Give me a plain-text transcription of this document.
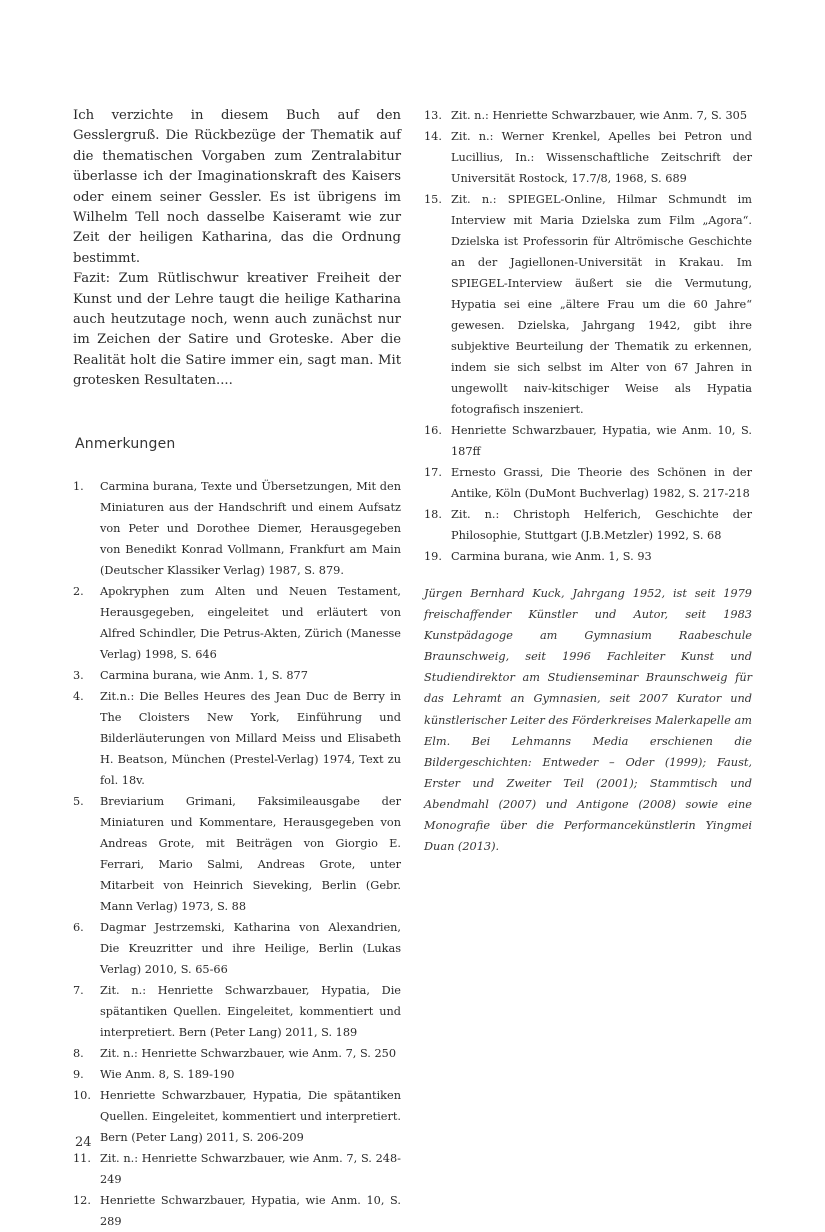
Ich verzichte in diesem Buch auf den Gesslergruß. Die Rückbezüge der Thematik auf die thematischen Vorgaben zum Zentralabitur überlasse ich der Imaginationskraft des Kaisers oder einem seiner Gessler. Es ist übrigens im Wilhelm Tell noch dasselbe Kaiseramt wie zur Zeit der heiligen Katharina, das die Ordnung bestimmt.

Fazit: Zum Rütlischwur kreativer Freiheit der Kunst und der Lehre taugt die heilige Katharina auch heutzutage noch, wenn auch zunächst nur im Zeichen der Satire und Groteske. Aber die Realität holt die Satire immer ein, sagt man. Mit grotesken Resultaten....

Anmerkungen
1.	Carmina burana, Texte und Übersetzungen, Mit den Miniaturen aus der Handschrift und einem Aufsatz von Peter und Dorothee Diemer, Herausgegeben von Benedikt Konrad Vollmann, Frankfurt am Main (Deutscher Klassiker Verlag) 1987, S. 879.
2.	Apokryphen zum Alten und Neuen Testament, Herausgegeben, eingeleitet und erläutert von Alfred Schindler, Die Petrus-Akten, Zürich (Manesse Verlag) 1998, S. 646
3.	Carmina burana, wie Anm. 1, S. 877
4.	Zit.n.: Die Belles Heures des Jean Duc de Berry in The Cloisters New York, Einführung und Bilderläuterungen von Millard Meiss und Elisabeth H. Beatson, München (Prestel-Verlag) 1974, Text zu fol. 18v.
5.	Breviarium Grimani, Faksimileausgabe der Miniaturen und Kommentare, Herausgegeben von Andreas Grote, mit Beiträgen von Giorgio E. Ferrari, Mario Salmi, Andreas Grote, unter Mitarbeit von Heinrich Sieveking, Berlin (Gebr. Mann Verlag) 1973, S. 88
6.	Dagmar Jestrzemski, Katharina von Alexandrien, Die Kreuzritter und ihre Heilige, Berlin (Lukas Verlag) 2010, S. 65-66
7.	Zit. n.: Henriette Schwarzbauer, Hypatia, Die spätantiken Quellen. Eingeleitet, kommentiert und interpretiert. Bern (Peter Lang) 2011, S. 189
8.	Zit. n.: Henriette Schwarzbauer, wie Anm. 7, S. 250
9.	Wie Anm. 8, S. 189-190
10. Henriette Schwarzbauer, Hypatia, Die spätantiken Quellen. Eingeleitet, kommentiert und interpretiert. Bern (Peter Lang) 2011, S. 206-209
11. Zit. n.: Henriette Schwarzbauer, wie Anm. 7, S. 248-249
12. Henriette Schwarzbauer, Hypatia, wie Anm. 10, S. 289
13. Zit. n.: Henriette Schwarzbauer, wie Anm. 7, S. 305
14. Zit. n.: Werner Krenkel, Apelles bei Petron und Lucillius, In.: Wissenschaftliche Zeitschrift der Universität Rostock, 17.7/8, 1968, S. 689
15. Zit. n.: SPIEGEL-Online, Hilmar Schmundt im Interview mit Maria Dzielska zum Film „Agora“. Dzielska ist Professorin für Altrömische Geschichte an der Jagiellonen-Universität in Krakau. Im SPIEGEL-Interview äußert sie die Vermutung, Hypatia sei eine „ältere Frau um die 60 Jahre“ gewesen. Dzielska, Jahrgang 1942, gibt ihre subjektive Beurteilung der Thematik zu erkennen, indem sie sich selbst im Alter von 67 Jahren in ungewollt naiv-kitschiger Weise als Hypatia fotografisch inszeniert.
16. Henriette Schwarzbauer, Hypatia, wie Anm. 10, S. 187ff
17. Ernesto Grassi, Die Theorie des Schönen in der Antike, Köln (DuMont Buchverlag) 1982, S. 217-218
18. Zit. n.: Christoph Helferich, Geschichte der Philosophie, Stuttgart (J.B.Metzler) 1992, S. 68
19. Carmina burana, wie Anm. 1, S. 93
Jürgen Bernhard Kuck, Jahrgang 1952, ist seit 1979 freischaffender Künstler und Autor, seit 1983 Kunstpädagoge am Gymnasium Raabeschule Braunschweig, seit 1996 Fachleiter Kunst und Studiendirektor am Studienseminar Braunschweig für das Lehramt an Gymnasien, seit 2007 Kurator und künstlerischer Leiter des Förderkreises Malerkapelle am Elm. Bei Lehmanns Media erschienen die Bildergeschichten: Entweder – Oder (1999); Faust, Erster und Zweiter Teil (2001); Stammtisch und Abendmahl (2007) und Antigone (2008) sowie eine Monografie über die Performancekünstlerin Yingmei Duan (2013).
24
